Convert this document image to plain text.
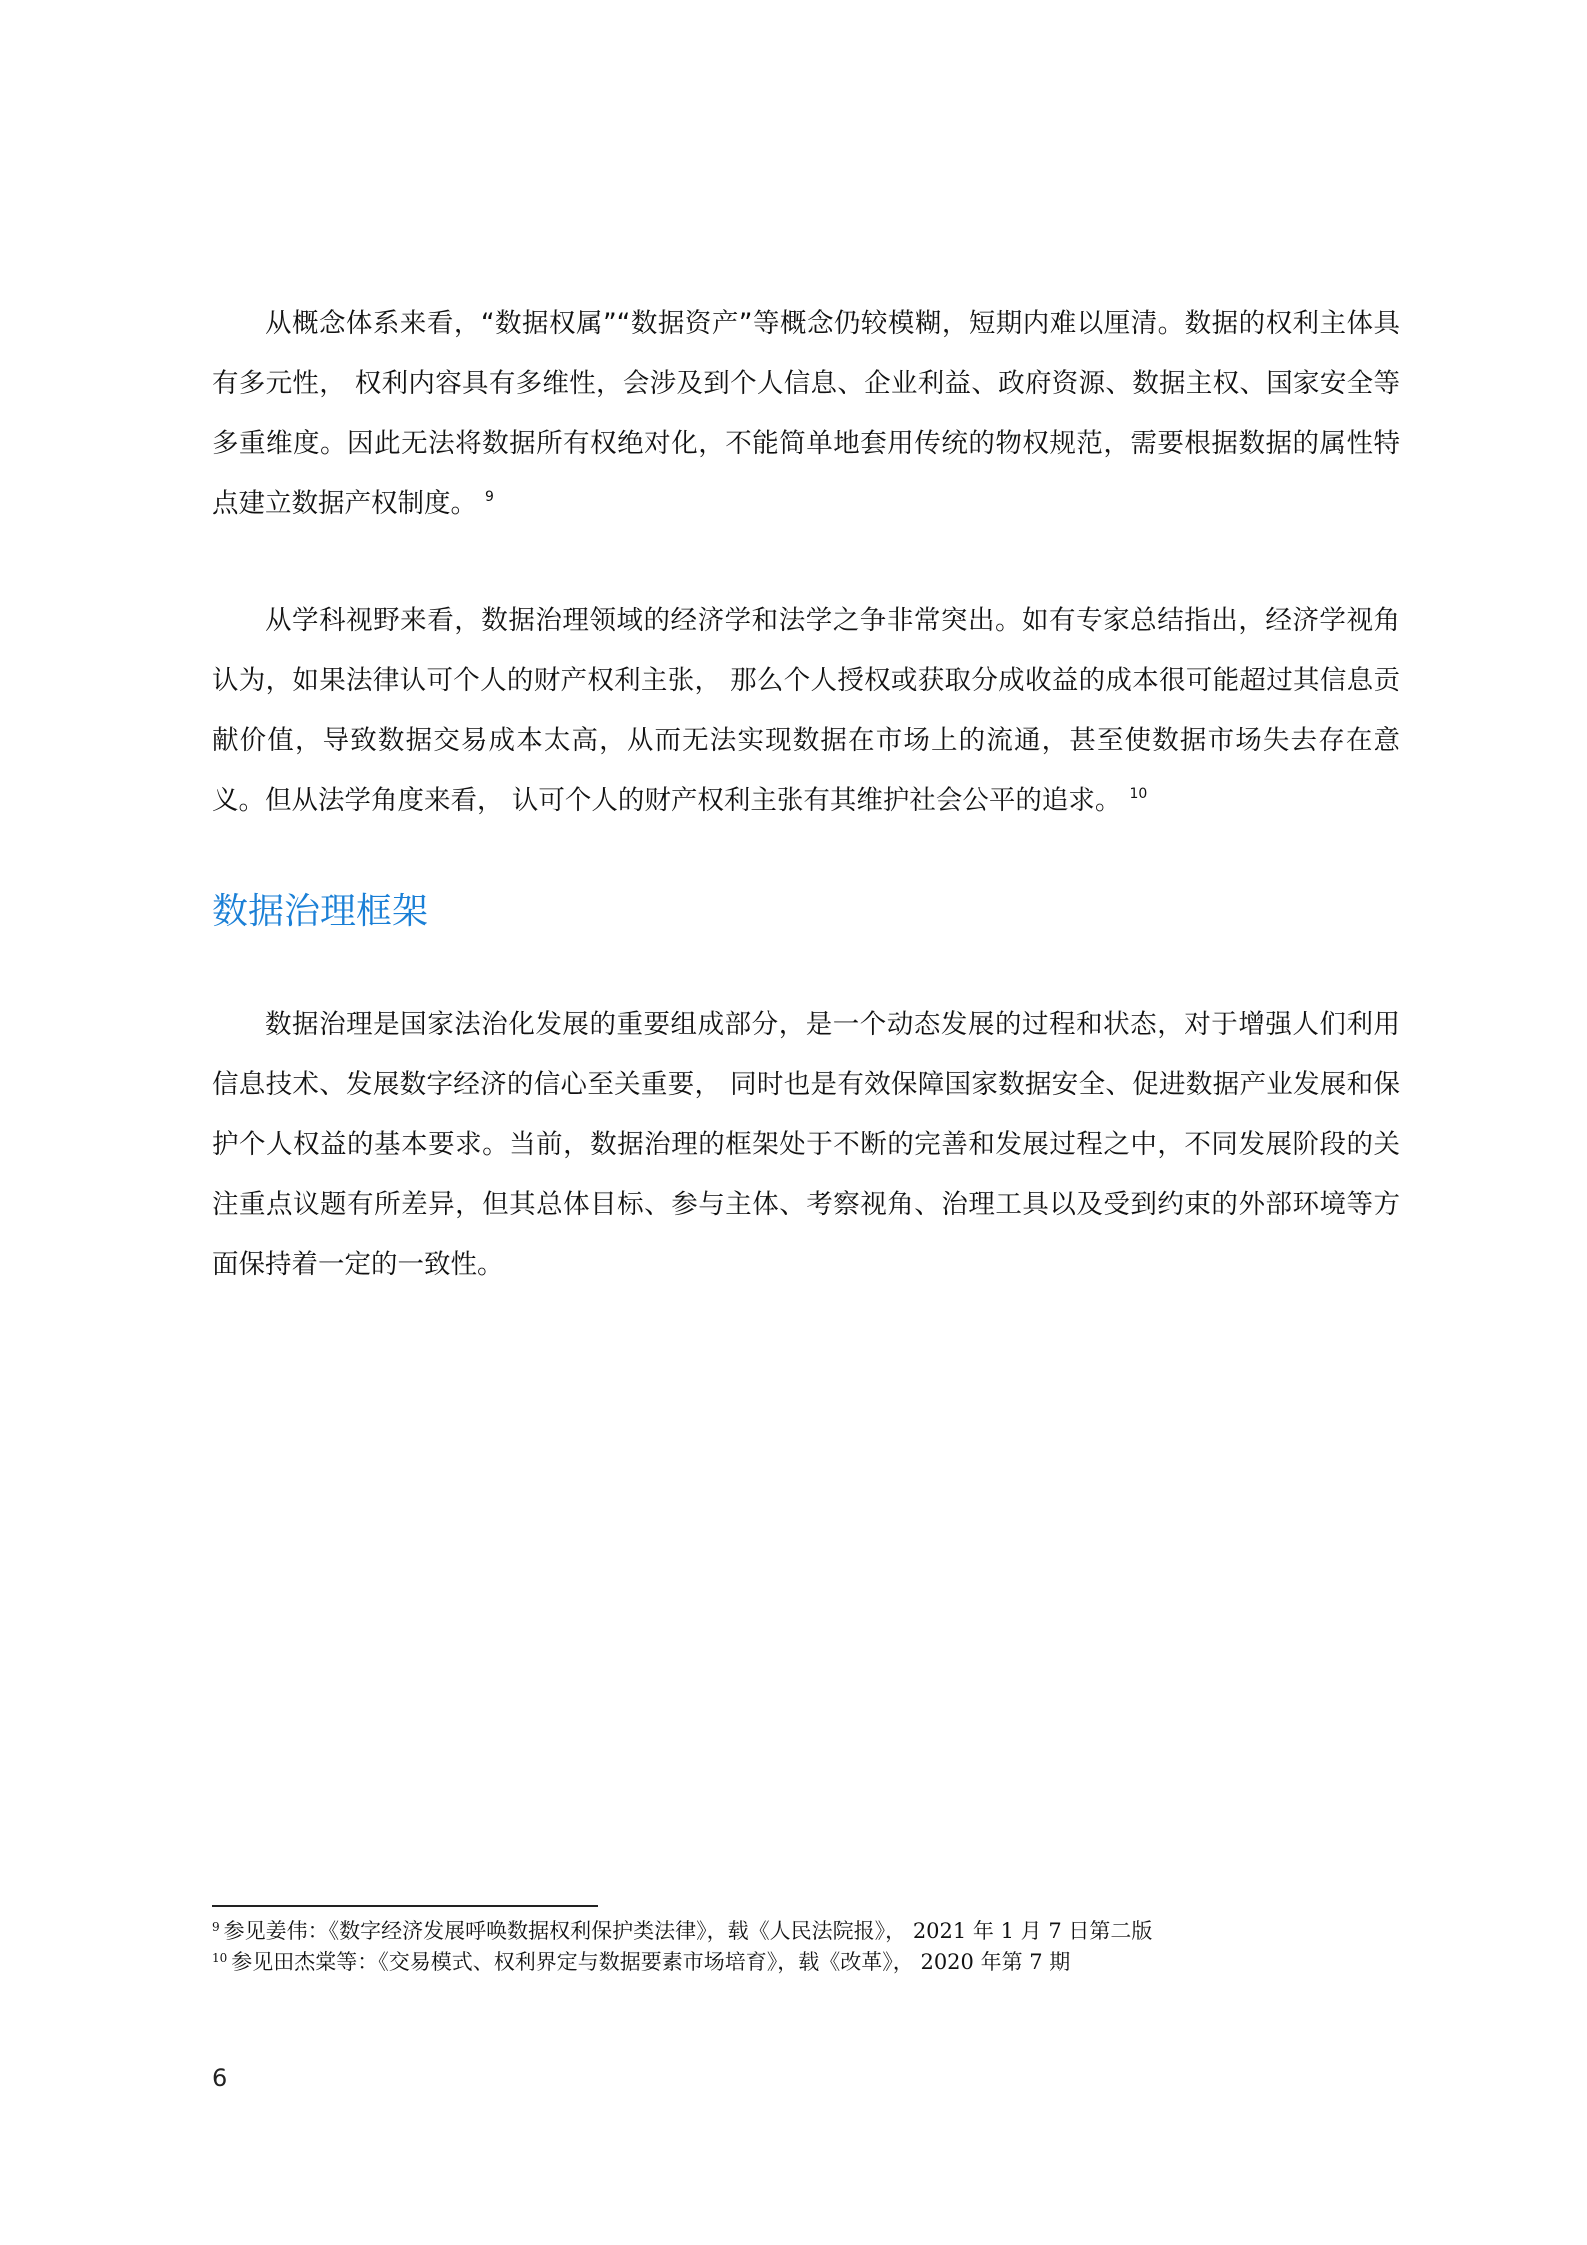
从概念体系来看，“数据权属”“数据资产”等概念仍较模糊，短期内难以厘清。数据的权利主体具有多元性， 权利内容具有多维性，会涉及到个人信息、企业利益、政府资源、数据主权、国家安全等多重维度。因此无法将数据所有权绝对化，不能简单地套用传统的物权规范，需要根据数据的属性特点建立数据产权制度。 $^9$

从学科视野来看，数据治理领域的经济学和法学之争非常突出。如有专家总结指出，经济学视角认为，如果法律认可个人的财产权利主张， 那么个人授权或获取分成收益的成本很可能超过其信息贡献价值，导致数据交易成本太高，从而无法实现数据在市场上的流通，甚至使数据市场失去存在意义。但从法学角度来看， 认可个人的财产权利主张有其维护社会公平的追求。 $^{10}$

数据治理框架

数据治理是国家法治化发展的重要组成部分，是一个动态发展的过程和状态，对于增强人们利用信息技术、发展数字经济的信心至关重要， 同时也是有效保障国家数据安全、促进数据产业发展和保护个人权益的基本要求。当前，数据治理的框架处于不断的完善和发展过程之中，不同发展阶段的关注重点议题有所差异，但其总体目标、参与主体、考察视角、治理工具以及受到约束的外部环境等方面保持着一定的一致性。

$^9$ 参见姜伟：《数字经济发展呼唤数据权利保护类法律》，载《人民法院报》， 2021 年 1 月 7 日第二版
$^{10}$ 参见田杰棠等：《交易模式、权利界定与数据要素市场培育》，载《改革》， 2020 年第 7 期
6
